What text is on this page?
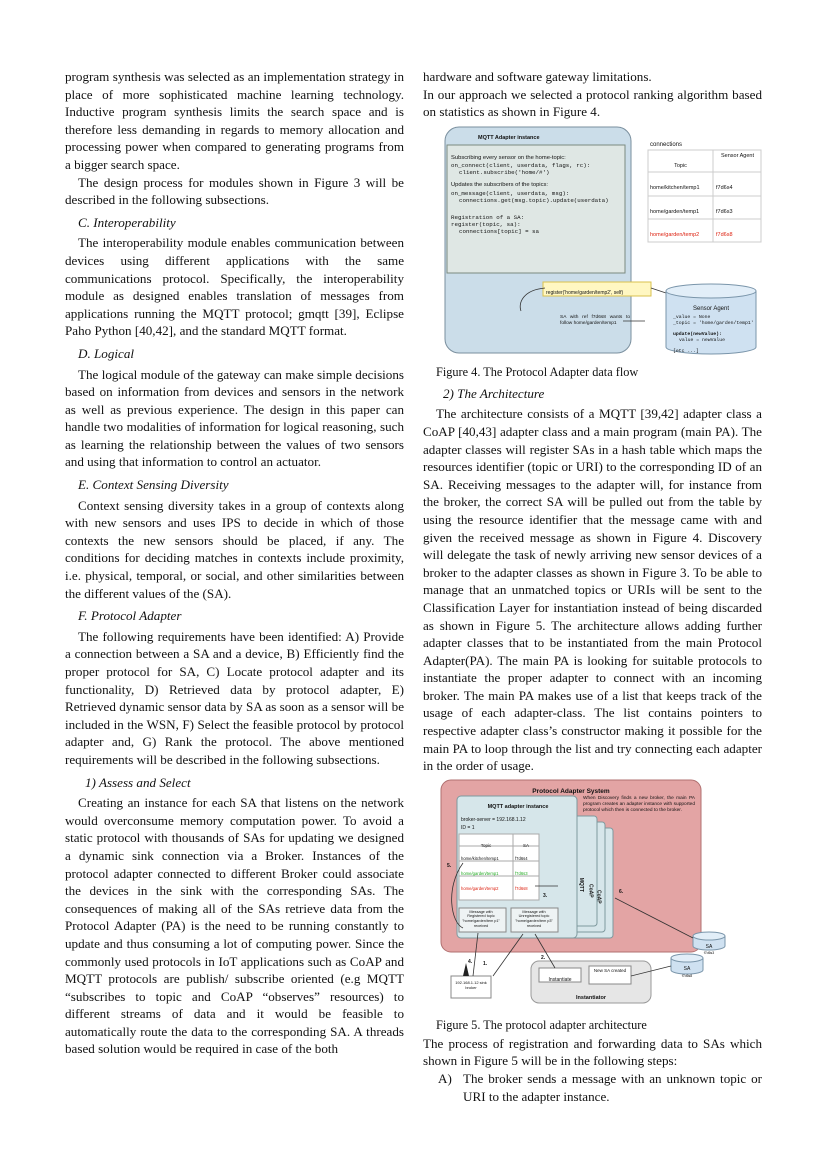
program synthesis was selected as an implementation strategy in place of more sophisticated machine learning technology. Inductive program synthesis limits the search space and is therefore less demanding in regards to memory allocation and processing power when compared to generating programs from a bigger search space.

The design process for modules shown in Figure 3 will be described in the following subsections.

C. Interoperability

The interoperability module enables communication between devices using different applications with the same communications protocol. Specifically, the interoperability module as designed enables translation of messages from applications running the MQTT protocol; gmqtt [39], Eclipse Paho Python [40,42], and the standard MQTT format.

D. Logical

The logical module of the gateway can make simple decisions based on information from devices and sensors in the network as well as previous experience. The design in this paper can handle two modalities of information for logical reasoning, such as learning the relationship between the values of two sensors and using that information to control an actuator.

E. Context Sensing Diversity

Context sensing diversity takes in a group of contexts along with new sensors and uses IPS to decide in which of those contexts the new sensors should be placed, if any. The conditions for deciding matches in contexts include proximity, i.e. physical, temporal, or social, and other similarities between the different values of the (SA).

F. Protocol Adapter

The following requirements have been identified: A) Provide a connection between a SA and a device, B) Efficiently find the proper protocol for SA, C) Locate protocol adapter and its functionality, D) Retrieved data by protocol adapter, E) Retrieved dynamic sensor data by SA as soon as a sensor will be included in the WSN, F) Select the feasible protocol by protocol adapter and, G) Rank the protocol. The above mentioned requirements will be described in the following subsections.

1) Assess and Select

Creating an instance for each SA that listens on the network would overconsume memory computation power. To avoid a static protocol with thousands of SAs for updating we designed a dynamic sink connection via a Broker. Instances of the protocol adapter connected to different Broker could associate the devices in the sink with the corresponding SAs. The consequences of making all of the SAs retrieve data from the Protocol Adapter (PA) is the need to be running constantly to update and thus consuming a lot of computing power. Since the commonly used protocols in IoT applications such as CoAP and MQTT protocols are publish/ subscribe oriented (e.g MQTT “subscribes to topic and CoAP “observes” resources) to different streams of data and it would be feasible to automatically route the data to the corresponding SA. A threads based solution would be required in case of the both

hardware and software gateway limitations.

In our approach we selected a protocol ranking algorithm based on statistics as shown in Figure 4.

MQTT Adapter instance
Subscribing every sensor on the home-topic:
on_connect(client, userdata, flags, rc):
client.subscribe('home/#')
Updates the subscribers of the topics:
on_message(client, userdata, msg):
connections.get(msg.topic).update(userdata)
Registration of a SA:
register(topic, sa):
connections[topic] = sa
connections
Topic
Sensor Agent
home/kitchen/temp1	f7d6s4
home/garden/temp1	f7d6s3
home/garden/temp2	f7d6s8
register('home/garden/temp2', self)
SA with ref f7d6s8 wants to follow home/garden/temp1
Sensor Agent
_value = None
_topic = 'home/garden/temp1'
update(newValue):
value = newValue
[etc ...]

Figure 4. The Protocol Adapter data flow

2) The Architecture

The architecture consists of a MQTT [39,42] adapter class a CoAP [40,43] adapter class and a main program (main PA). The adapter classes will register SAs in a hash table which maps the resources identifier (topic or URI) to the corresponding ID of an SA. Receiving messages to the adapter will, for instance from the broker, the correct SA will be pulled out from the table by using the resource identifier that the message came with and given the received message as shown in Figure 4. Discovery will delegate the task of newly arriving new sensor devices of a broker to the adapter classes as shown in Figure 3. To be able to manage that an unmatched topics or URIs will be sent to the Classification Layer for instantiation instead of being discarded as shown in Figure 5. The architecture allows adding further adapter classes that to be instantiated from the main Protocol Adapter(PA). The main PA is looking for suitable protocols to instantiate the proper adapter to connect with an incoming broker. The main PA makes use of a list that keeps track of the usage of each adapter-class. The list contains pointers to respective adapter class’s constructor making it possible for the main PA to loop through the list and try connecting each adapter in the order of usage.

Protocol Adapter System
MQTT adapter instance
broker-server = 192.168.1.12
ID = 1
Topic	SA
home/kitchen/temp1	f7d6s4
home/garden/temp1	f7d6s3
home/garden/temp2	f7d6s8
When Discovery finds a new broker, the main PA program creates an adapter instance with supported protocol which then is connected to the broker.
Message with Registered topic "home/garden/tem p1" received
Message with Unregistered topic "home/garden/tem p3" received
MQTT CoAP CoAP
1.
2.
3.
4.
5.
6.
192.168.1.12 sink broker
Instantiate
New SA created
Instantiator
SA
f7d6s3
SA
f7d6s8

Figure 5. The protocol adapter architecture

The process of registration and forwarding data to SAs which shown in Figure 5 will be in the following steps:

A) The broker sends a message with an unknown topic or URI to the adapter instance.
